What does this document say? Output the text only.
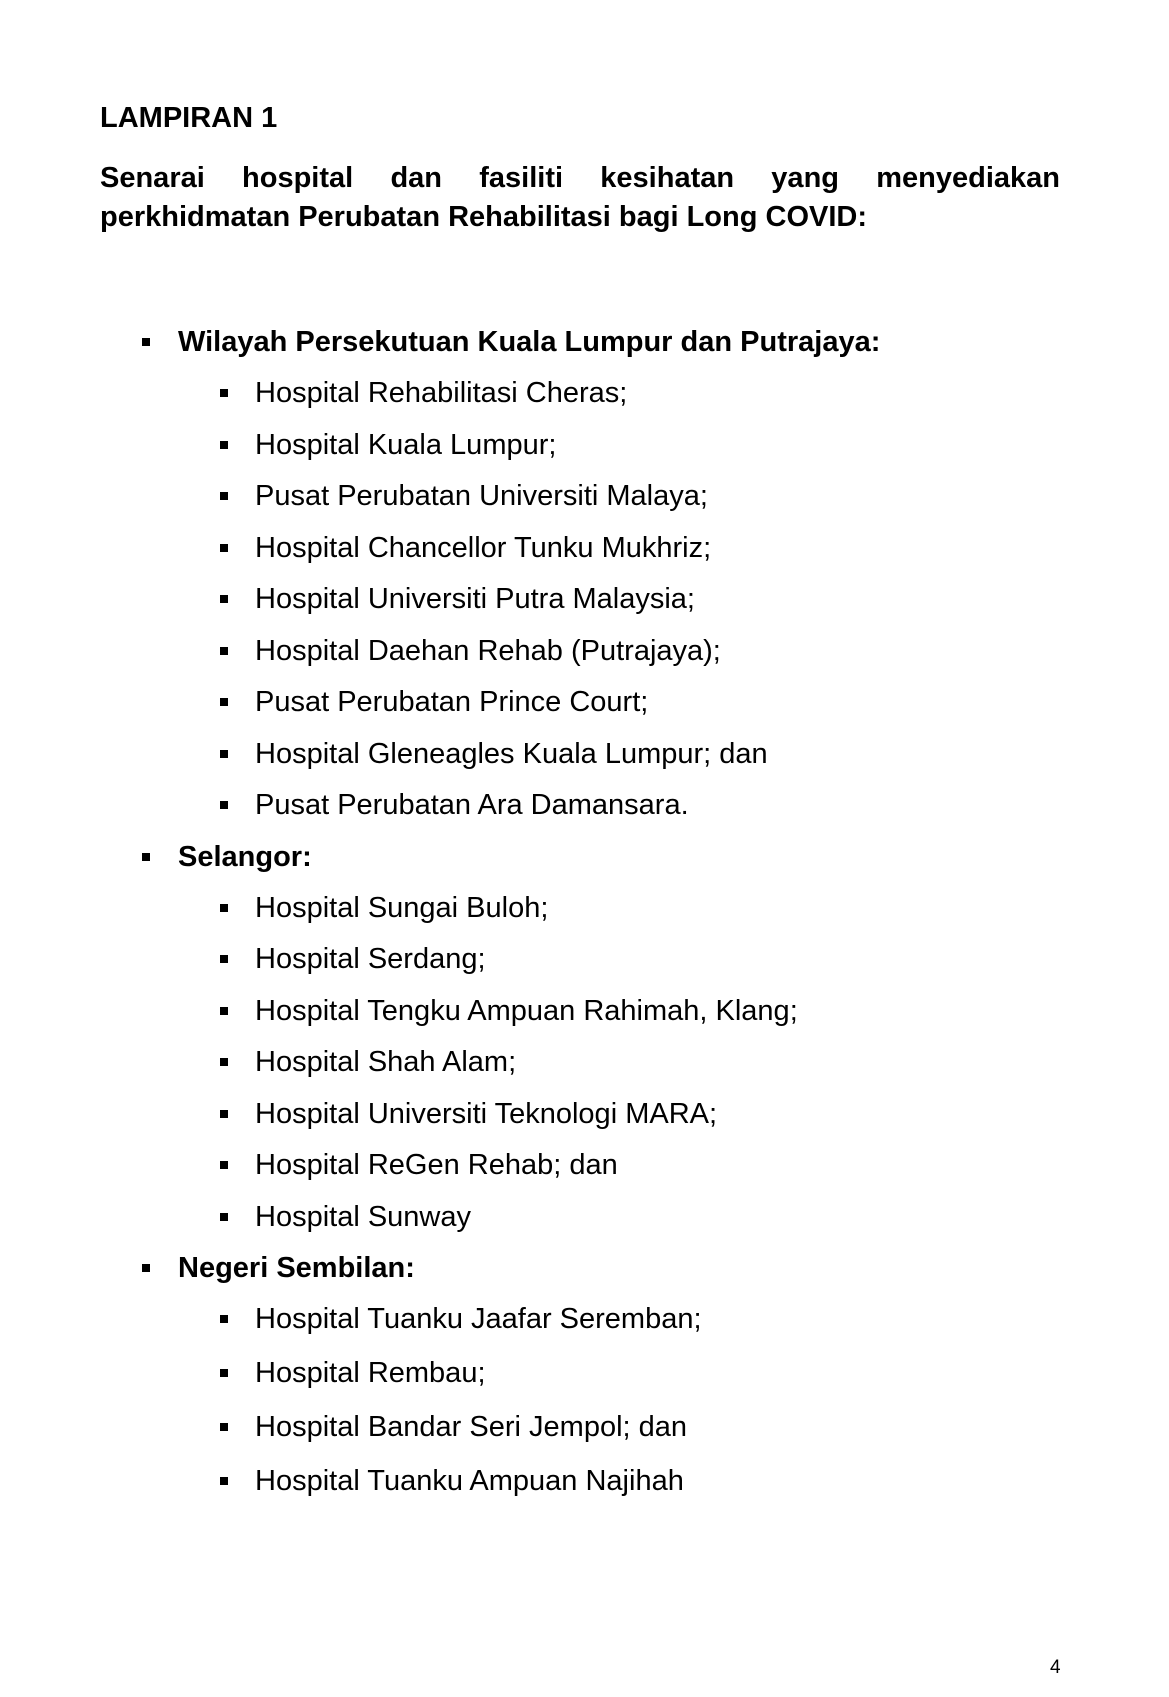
LAMPIRAN 1

Senarai hospital dan fasiliti kesihatan yang menyediakan perkhidmatan Perubatan Rehabilitasi bagi Long COVID:

Wilayah Persekutuan Kuala Lumpur dan Putrajaya:
Hospital Rehabilitasi Cheras;
Hospital Kuala Lumpur;
Pusat Perubatan Universiti Malaya;
Hospital Chancellor Tunku Mukhriz;
Hospital Universiti Putra Malaysia;
Hospital Daehan Rehab (Putrajaya);
Pusat Perubatan Prince Court;
Hospital Gleneagles Kuala Lumpur; dan
Pusat Perubatan Ara Damansara.
Selangor:
Hospital Sungai Buloh;
Hospital Serdang;
Hospital Tengku Ampuan Rahimah, Klang;
Hospital Shah Alam;
Hospital Universiti Teknologi MARA;
Hospital ReGen Rehab; dan
Hospital Sunway
Negeri Sembilan:
Hospital Tuanku Jaafar Seremban;
Hospital Rembau;
Hospital Bandar Seri Jempol; dan
Hospital Tuanku Ampuan Najihah
4
